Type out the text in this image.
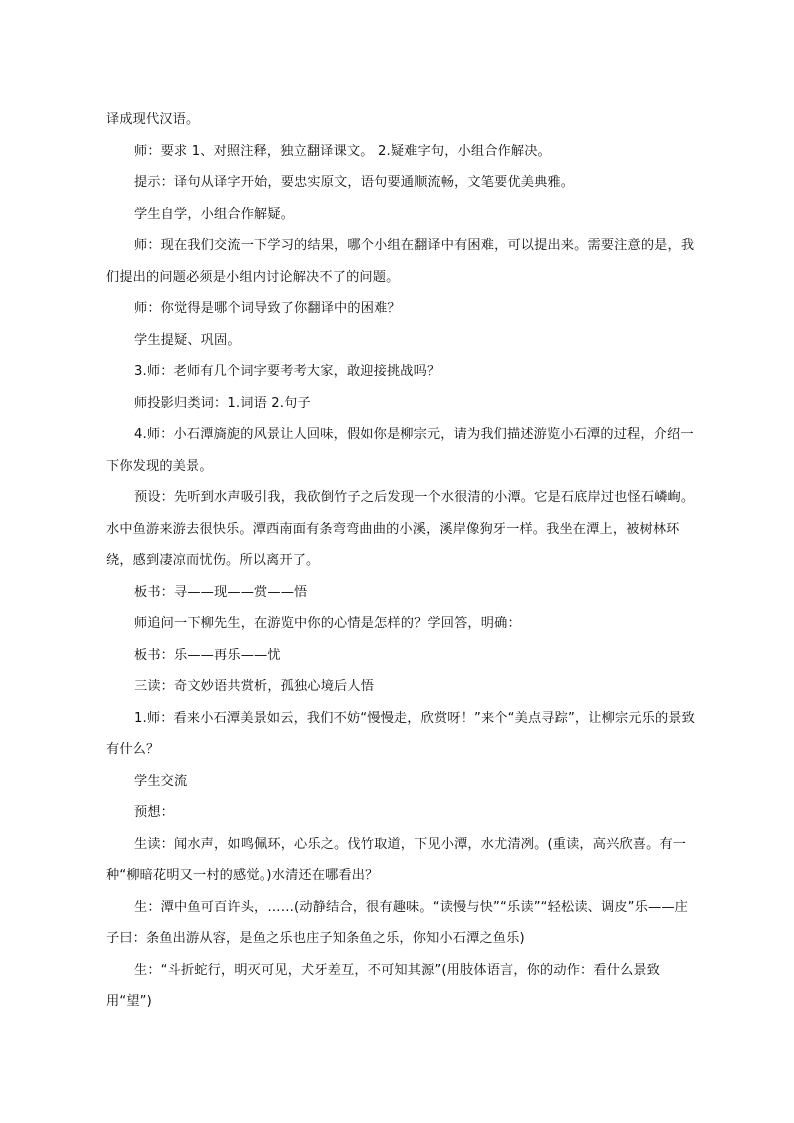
译成现代汉语。

师：要求 1、对照注释，独立翻译课文。 2.疑难字句，小组合作解决。

提示：译句从译字开始，要忠实原文，语句要通顺流畅，文笔要优美典雅。

学生自学，小组合作解疑。

师：现在我们交流一下学习的结果，哪个小组在翻译中有困难，可以提出来。需要注意的是，我们提出的问题必须是小组内讨论解决不了的问题。

师：你觉得是哪个词导致了你翻译中的困难？

学生提疑、巩固。

3.师：老师有几个词字要考考大家，敢迎接挑战吗？

师投影归类词：1.词语 2.句子

4.师：小石潭旖旎的风景让人回味，假如你是柳宗元，请为我们描述游览小石潭的过程，介绍一下你发现的美景。

预设：先听到水声吸引我，我砍倒竹子之后发现一个水很清的小潭。它是石底岸过也怪石嶙峋。水中鱼游来游去很快乐。潭西南面有条弯弯曲曲的小溪，溪岸像狗牙一样。我坐在潭上，被树林环绕，感到凄凉而忧伤。所以离开了。

板书：寻——现——赏——悟

师追问一下柳先生，在游览中你的心情是怎样的？学回答，明确：

板书：乐——再乐——忧

三读：奇文妙语共赏析，孤独心境后人悟

1.师：看来小石潭美景如云，我们不妨“慢慢走，欣赏呀！”来个“美点寻踪”，让柳宗元乐的景致有什么？

学生交流

预想：

生读：闻水声，如鸣佩环，心乐之。伐竹取道，下见小潭，水尤清冽。(重读，高兴欣喜。有一种“柳暗花明又一村的感觉。)水清还在哪看出？

生：潭中鱼可百许头，……(动静结合，很有趣味。“读慢与快”“乐读”“轻松读、调皮”乐——庄子曰：条鱼出游从容，是鱼之乐也庄子知条鱼之乐，你知小石潭之鱼乐)

生：“斗折蛇行，明灭可见，犬牙差互，不可知其源”(用肢体语言，你的动作：看什么景致用“望”)
